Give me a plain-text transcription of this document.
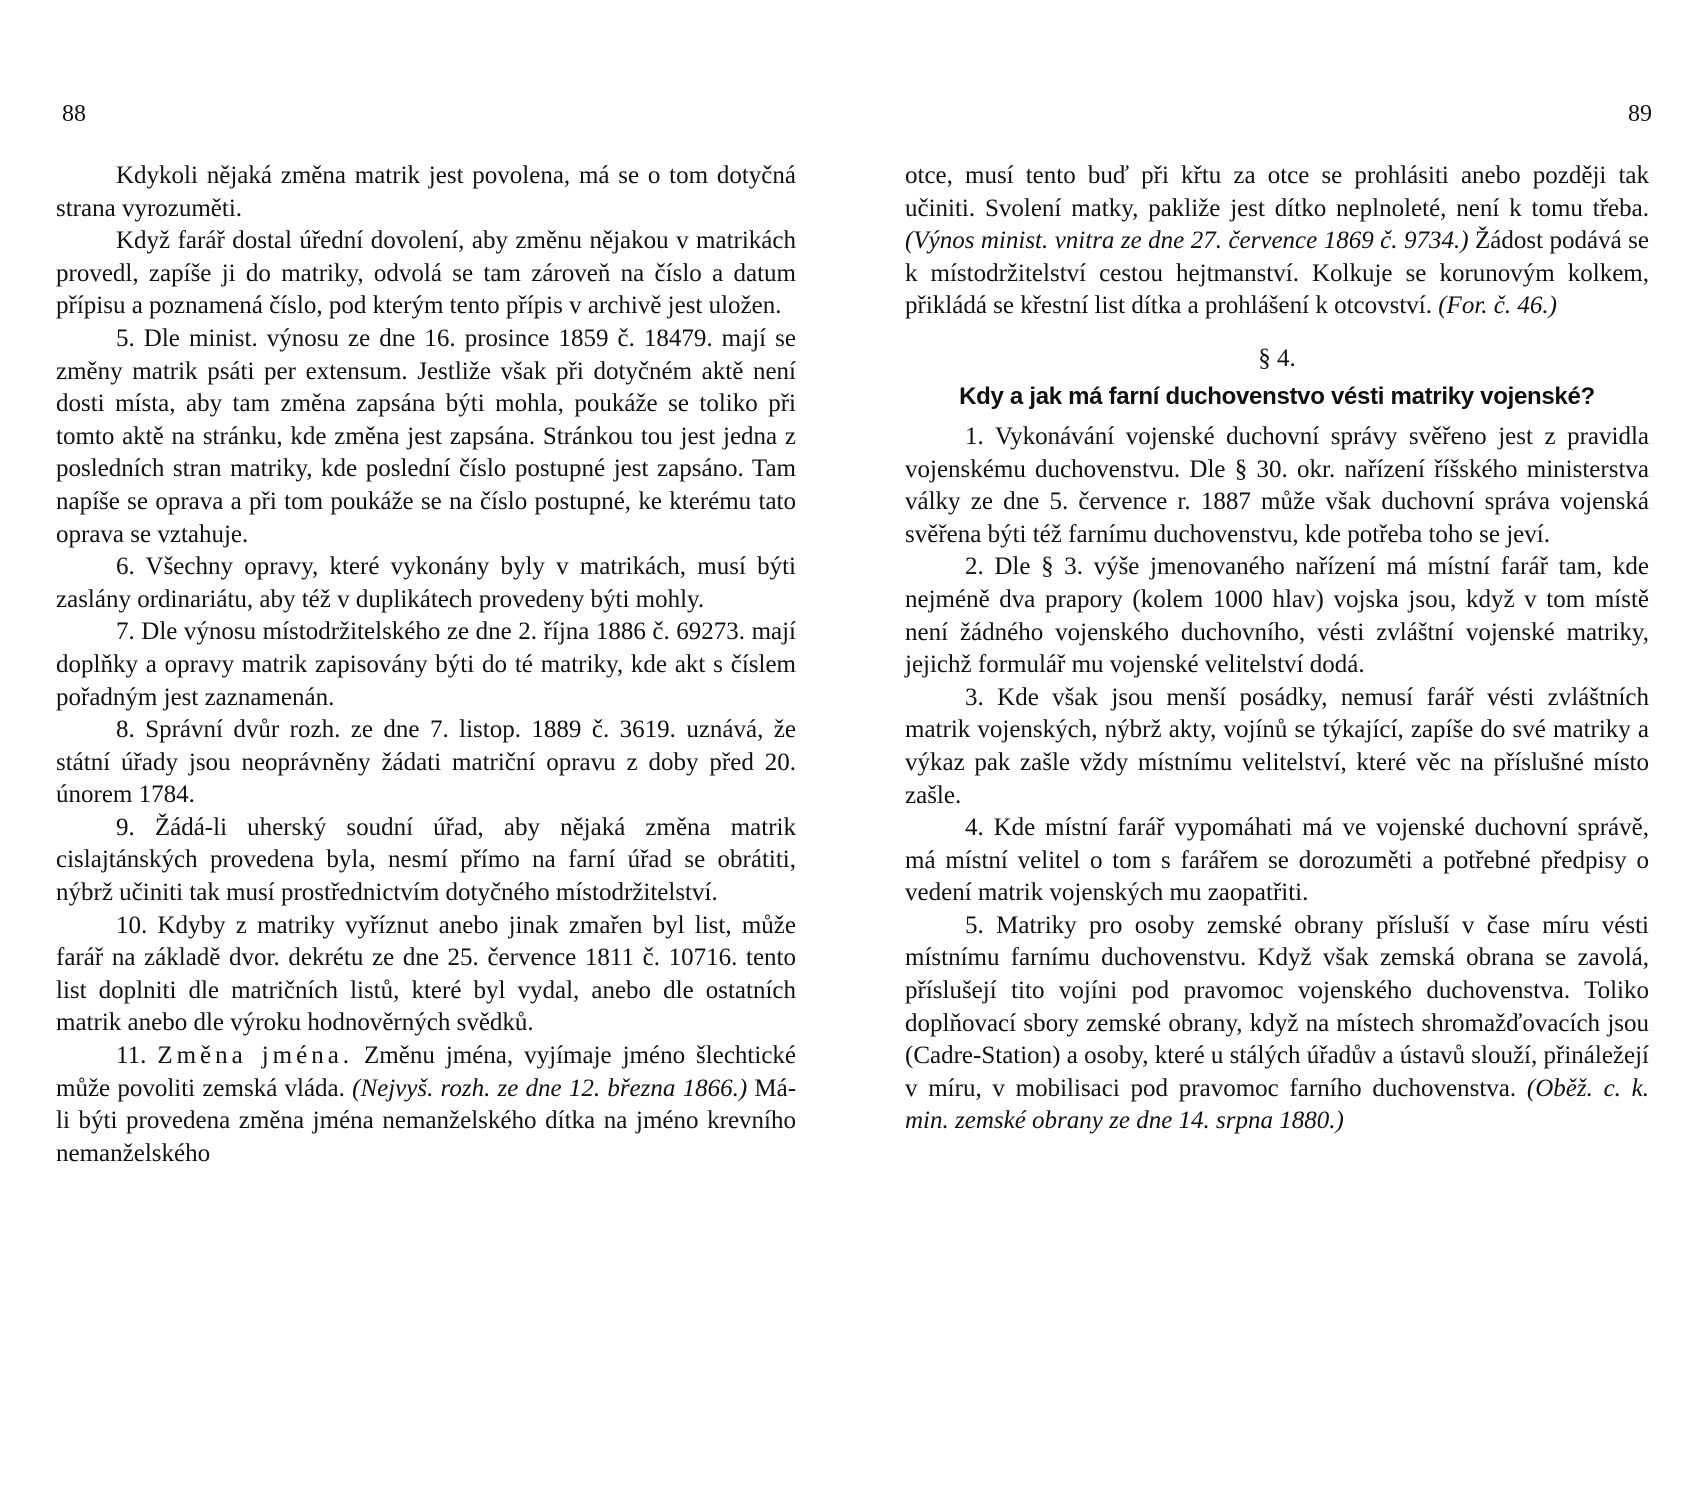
88	89

Kdykoli nějaká změna matrik jest povolena, má se o tom dotyčná strana vyrozuměti.

Když farář dostal úřední dovolení, aby změnu nějakou v matrikách provedl, zapíše ji do matriky, odvolá se tam zároveň na číslo a datum přípisu a poznamená číslo, pod kterým tento přípis v archivě jest uložen.

5. Dle minist. výnosu ze dne 16. prosince 1859 č. 18479. mají se změny matrik psáti per extensum. Jestliže však při dotyčném aktě není dosti místa, aby tam změna zapsána býti mohla, poukáže se toliko při tomto aktě na stránku, kde změna jest zapsána. Stránkou tou jest jedna z posledních stran matriky, kde poslední číslo postupné jest zapsáno. Tam napíše se oprava a při tom poukáže se na číslo postupné, ke kterému tato oprava se vztahuje.

6. Všechny opravy, které vykonány byly v matrikách, musí býti zaslány ordinariátu, aby též v duplikátech provedeny býti mohly.

7. Dle výnosu místodržitelského ze dne 2. října 1886 č. 69273. mají doplňky a opravy matrik zapisovány býti do té matriky, kde akt s číslem pořadným jest zaznamenán.

8. Správní dvůr rozh. ze dne 7. listop. 1889 č. 3619. uznává, že státní úřady jsou neoprávněny žádati matriční opravu z doby před 20. únorem 1784.

9. Žádá-li uherský soudní úřad, aby nějaká změna matrik cislajtánských provedena byla, nesmí přímo na farní úřad se obrátiti, nýbrž učiniti tak musí prostřednictvím dotyčného místodržitelství.

10. Kdyby z matriky vyříznut anebo jinak zmařen byl list, může farář na základě dvor. dekrétu ze dne 25. července 1811 č. 10716. tento list doplniti dle matričních listů, které byl vydal, anebo dle ostatních matrik anebo dle výroku hodnověrných svědků.

11. Změna jména. Změnu jména, vyjímaje jméno šlechtické může povoliti zemská vláda. (Nejvyš. rozh. ze dne 12. března 1866.) Má-li býti provedena změna jména nemanželského dítka na jméno krevního nemanželského

otce, musí tento buď při křtu za otce se prohlásiti anebo později tak učiniti. Svolení matky, pakliže jest dítko neplnoleté, není k tomu třeba. (Výnos minist. vnitra ze dne 27. července 1869 č. 9734.) Žádost podává se k místodržitelství cestou hejtmanství. Kolkuje se korunovým kolkem, přikládá se křestní list dítka a prohlášení k otcovství. (For. č. 46.)

§ 4.
Kdy a jak má farní duchovenstvo vésti matriky vojenské?

1. Vykonávání vojenské duchovní správy svěřeno jest z pravidla vojenskému duchovenstvu. Dle § 30. okr. nařízení říšského ministerstva války ze dne 5. července r. 1887 může však duchovní správa vojenská svěřena býti též farnímu duchovenstvu, kde potřeba toho se jeví.

2. Dle § 3. výše jmenovaného nařízení má místní farář tam, kde nejméně dva prapory (kolem 1000 hlav) vojska jsou, když v tom místě není žádného vojenského duchovního, vésti zvláštní vojenské matriky, jejichž formulář mu vojenské velitelství dodá.

3. Kde však jsou menší posádky, nemusí farář vésti zvláštních matrik vojenských, nýbrž akty, vojínů se týkající, zapíše do své matriky a výkaz pak zašle vždy místnímu velitelství, které věc na příslušné místo zašle.

4. Kde místní farář vypomáhati má ve vojenské duchovní správě, má místní velitel o tom s farářem se dorozuměti a potřebné předpisy o vedení matrik vojenských mu zaopatřiti.

5. Matriky pro osoby zemské obrany přísluší v čase míru vésti místnímu farnímu duchovenstvu. Když však zemská obrana se zavolá, příslušejí tito vojíni pod pravomoc vojenského duchovenstva. Toliko doplňovací sbory zemské obrany, když na místech shromažďovacích jsou (Cadre-Station) a osoby, které u stálých úřadův a ústavů slouží, přináležejí v míru, v mobilisaci pod pravomoc farního duchovenstva. (Oběž. c. k. min. zemské obrany ze dne 14. srpna 1880.)
